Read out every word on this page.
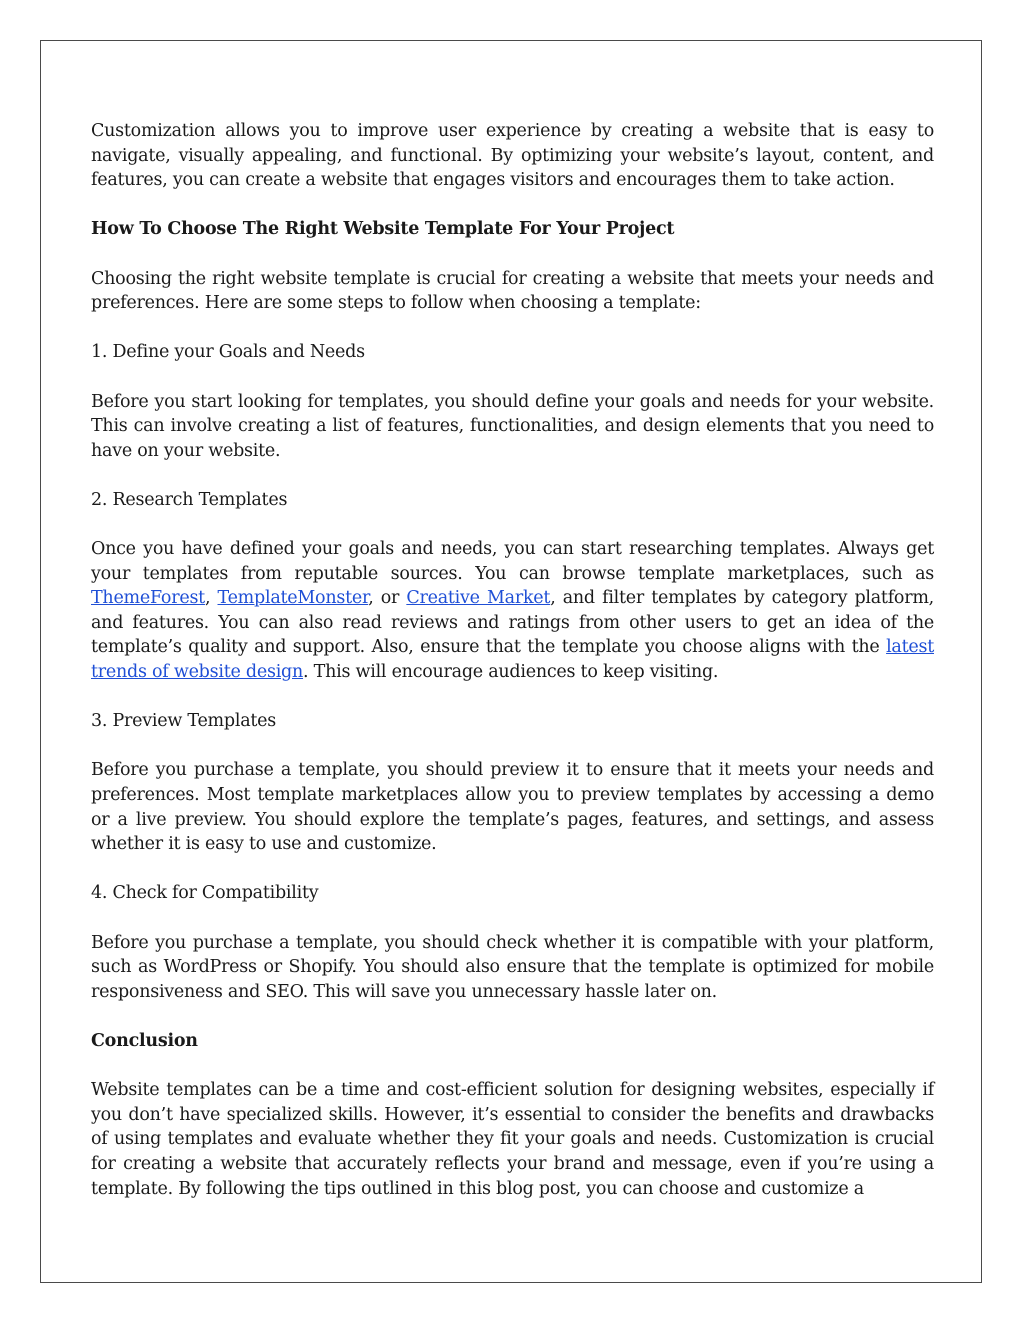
Customization allows you to improve user experience by creating a website that is easy to navigate, visually appealing, and functional. By optimizing your website’s layout, content, and features, you can create a website that engages visitors and encourages them to take action.

How To Choose The Right Website Template For Your Project

Choosing the right website template is crucial for creating a website that meets your needs and preferences. Here are some steps to follow when choosing a template:

1. Define your Goals and Needs

Before you start looking for templates, you should define your goals and needs for your website. This can involve creating a list of features, functionalities, and design elements that you need to have on your website.

2. Research Templates

Once you have defined your goals and needs, you can start researching templates. Always get your templates from reputable sources. You can browse template marketplaces, such as ThemeForest, TemplateMonster, or Creative Market, and filter templates by category platform, and features. You can also read reviews and ratings from other users to get an idea of the template’s quality and support. Also, ensure that the template you choose aligns with the latest trends of website design. This will encourage audiences to keep visiting.

3. Preview Templates

Before you purchase a template, you should preview it to ensure that it meets your needs and preferences. Most template marketplaces allow you to preview templates by accessing a demo or a live preview. You should explore the template’s pages, features, and settings, and assess whether it is easy to use and customize.

4. Check for Compatibility

Before you purchase a template, you should check whether it is compatible with your platform, such as WordPress or Shopify. You should also ensure that the template is optimized for mobile responsiveness and SEO. This will save you unnecessary hassle later on.

Conclusion

Website templates can be a time and cost-efficient solution for designing websites, especially if you don’t have specialized skills. However, it’s essential to consider the benefits and drawbacks of using templates and evaluate whether they fit your goals and needs. Customization is crucial for creating a website that accurately reflects your brand and message, even if you’re using a template. By following the tips outlined in this blog post, you can choose and customize a
